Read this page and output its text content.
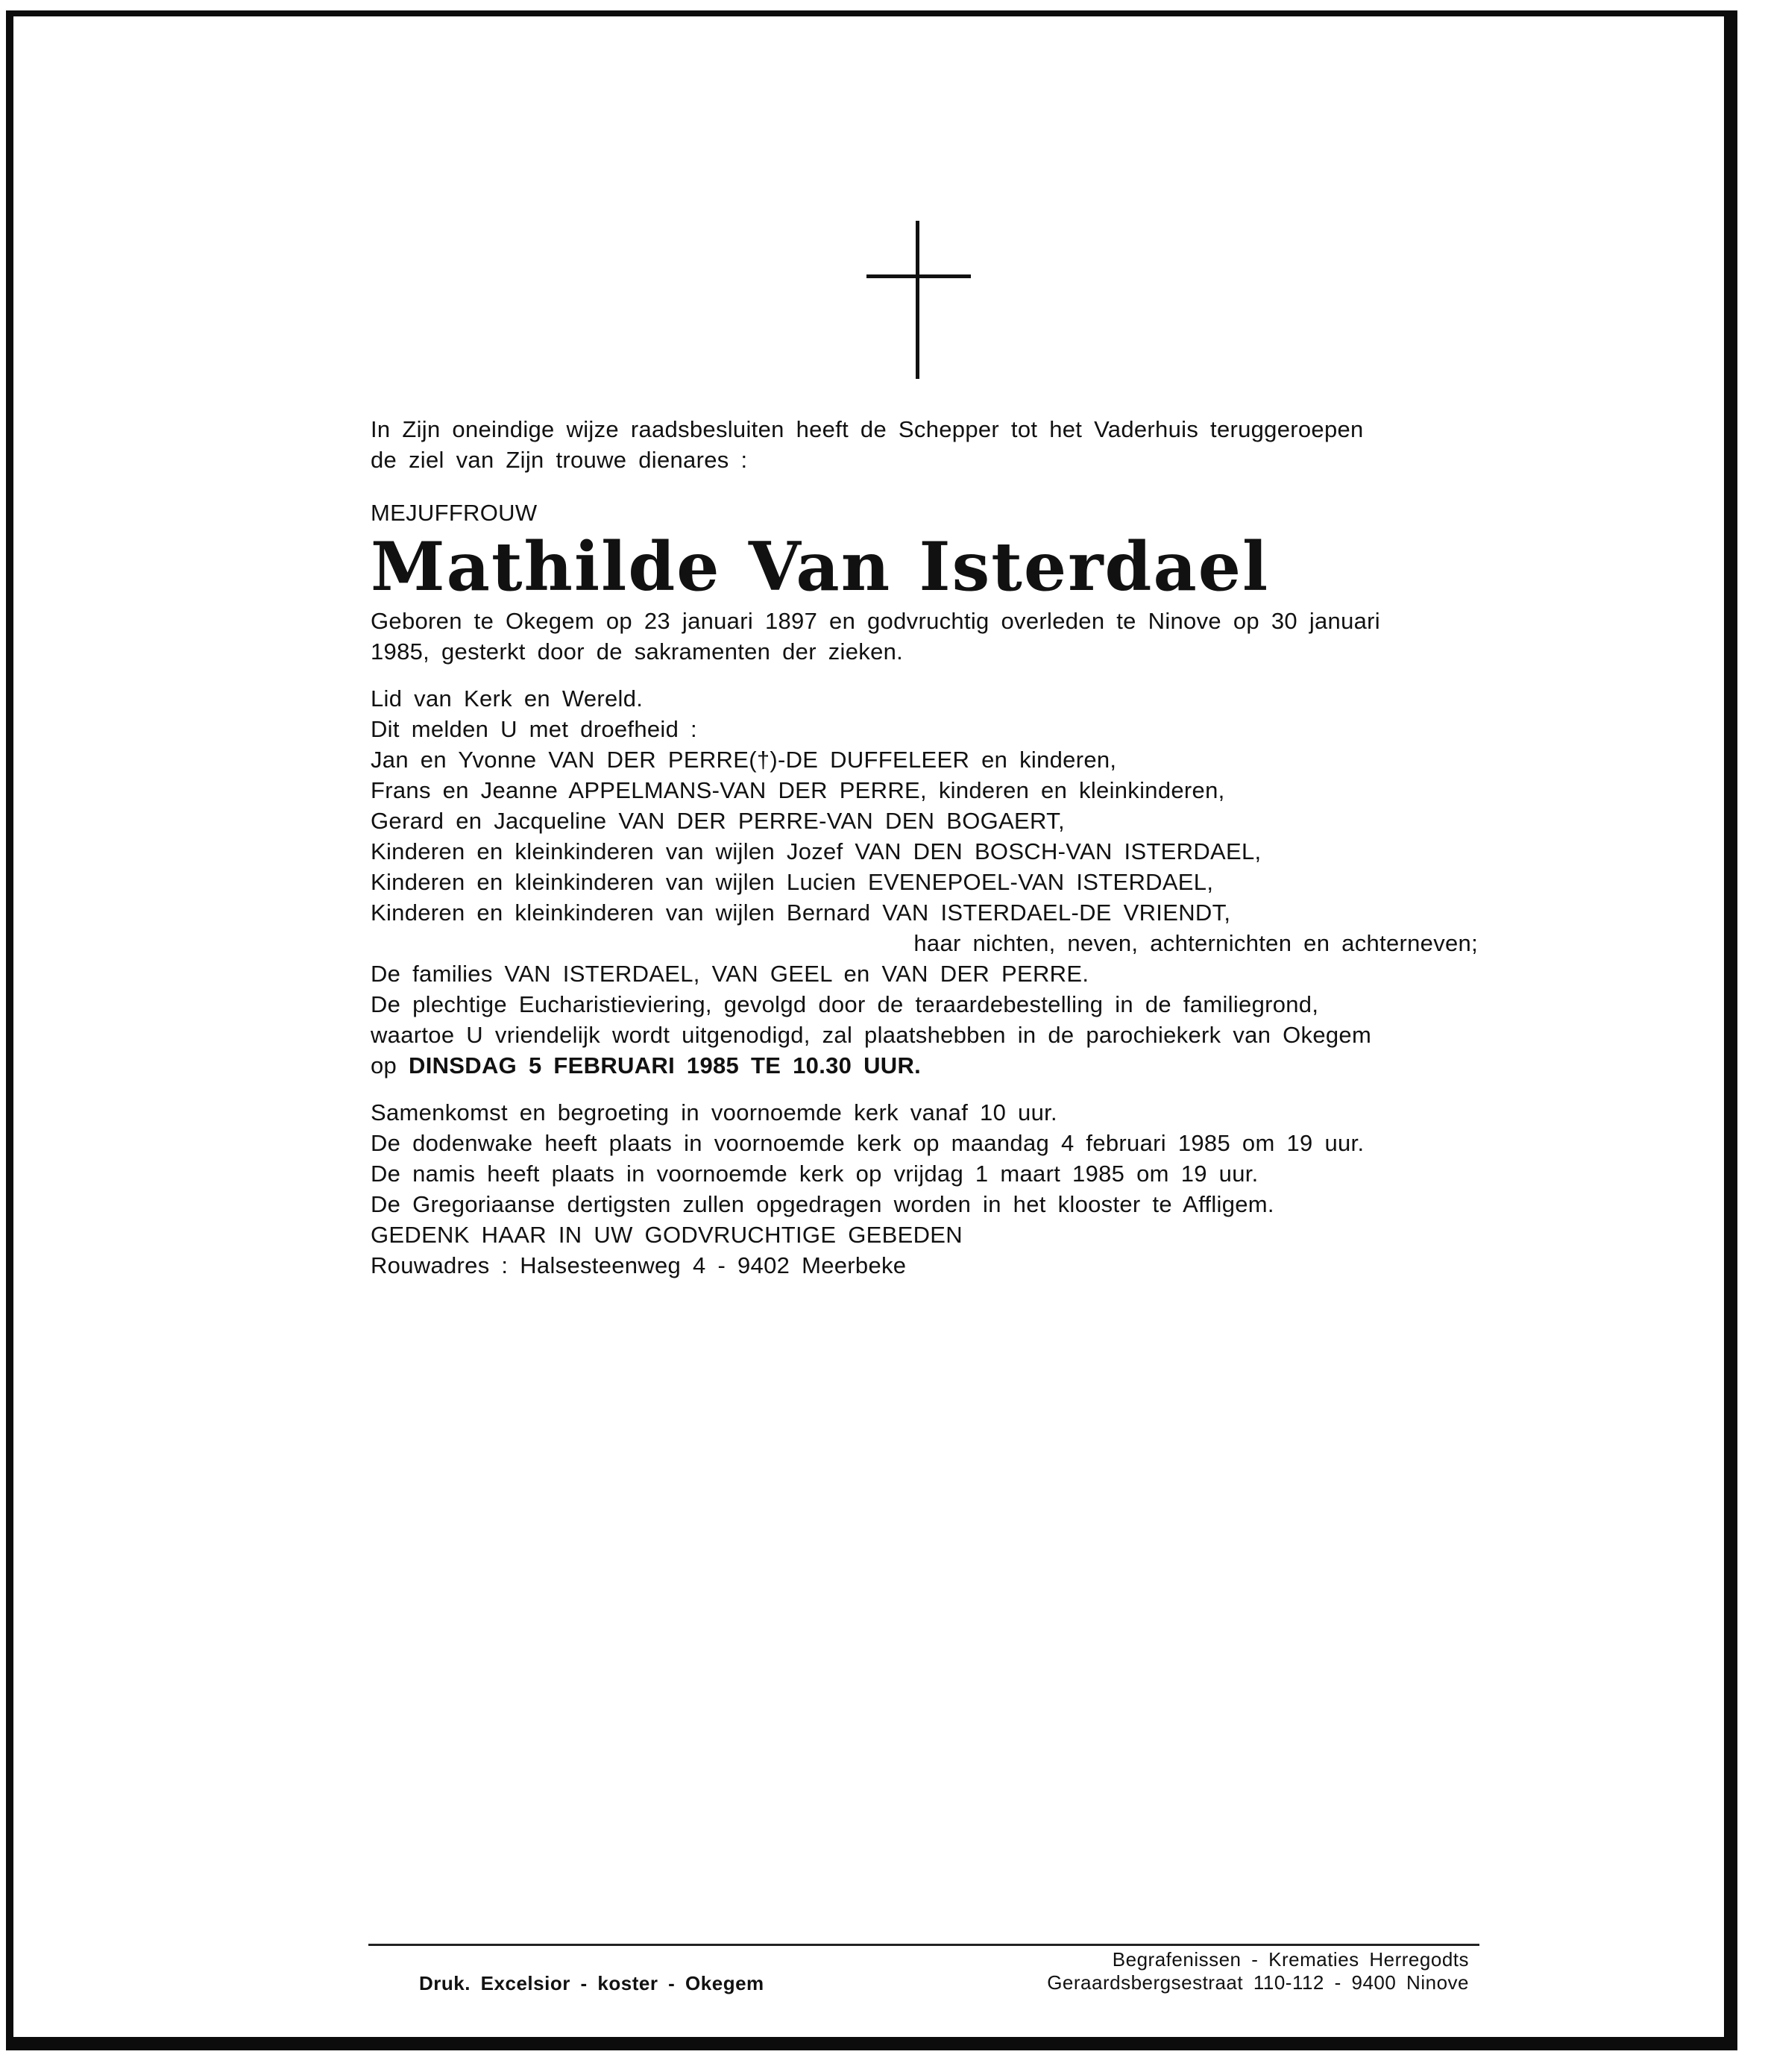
In Zijn oneindige wijze raadsbesluiten heeft de Schepper tot het Vaderhuis teruggeroepen

de ziel van Zijn trouwe dienares :

MEJUFFROUW

Mathilde Van Isterdael

Geboren te Okegem op 23 januari 1897 en godvruchtig overleden te Ninove op 30 januari

1985, gesterkt door de sakramenten der zieken.

Lid van Kerk en Wereld.

Dit melden U met droefheid :

Jan en Yvonne VAN DER PERRE(†)-DE DUFFELEER en kinderen,

Frans en Jeanne APPELMANS-VAN DER PERRE, kinderen en kleinkinderen,

Gerard en Jacqueline VAN DER PERRE-VAN DEN BOGAERT,

Kinderen en kleinkinderen van wijlen Jozef VAN DEN BOSCH-VAN ISTERDAEL,

Kinderen en kleinkinderen van wijlen Lucien EVENEPOEL-VAN ISTERDAEL,

Kinderen en kleinkinderen van wijlen Bernard VAN ISTERDAEL-DE VRIENDT,

haar nichten, neven, achternichten en achterneven;

De families VAN ISTERDAEL, VAN GEEL en VAN DER PERRE.

De plechtige Eucharistieviering, gevolgd door de teraardebestelling in de familiegrond,

waartoe U vriendelijk wordt uitgenodigd, zal plaatshebben in de parochiekerk van Okegem

op DINSDAG 5 FEBRUARI 1985 TE 10.30 UUR.

Samenkomst en begroeting in voornoemde kerk vanaf 10 uur.

De dodenwake heeft plaats in voornoemde kerk op maandag 4 februari 1985 om 19 uur.

De namis heeft plaats in voornoemde kerk op vrijdag 1 maart 1985 om 19 uur.

De Gregoriaanse dertigsten zullen opgedragen worden in het klooster te Affligem.

GEDENK HAAR IN UW GODVRUCHTIGE GEBEDEN

Rouwadres : Halsesteenweg 4 - 9402 Meerbeke

Druk. Excelsior - koster - Okegem

Begrafenissen - Krematies Herregodts

Geraardsbergsestraat 110-112 - 9400 Ninove
